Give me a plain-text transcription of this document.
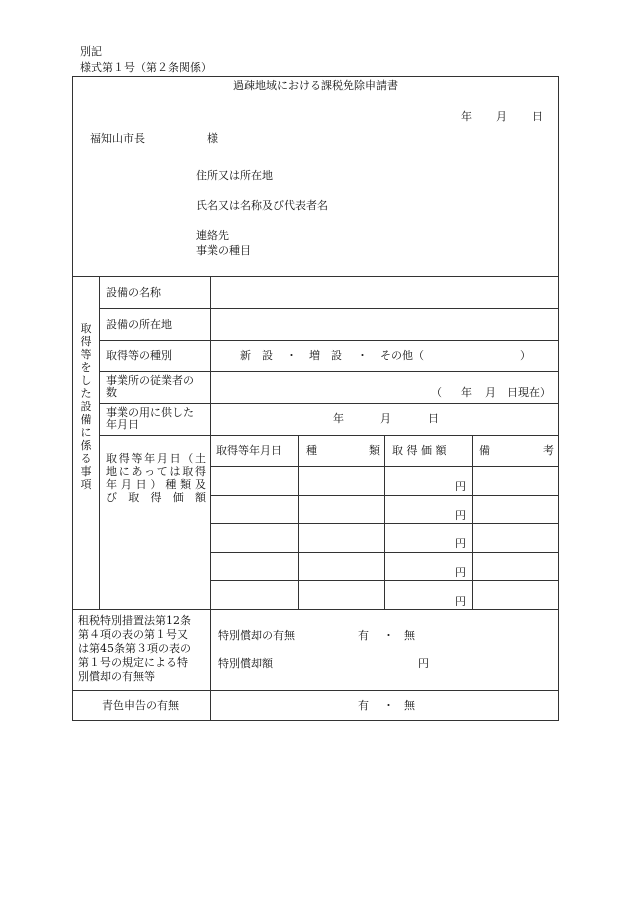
別記
様式第１号（第２条関係）
過疎地域における課税免除申請書
年 月 日
福知山市長	様
住所又は所在地
氏名又は名称及び代表者名
連絡先
事業の種目
取得等をした設備に係る事項
設備の名称
設備の所在地
取得等の種別	新　設 ・ 増　設 ・ その他（	）
事業所の従業者の
数	（ 年 月 日現在）
事業の用に供した
年月日	年	月	日
取得等年月日（土
地にあっては取得
年月日）種類及
び 取 得 価 額
取得等年月日 種	類 取 得 価 額	備	考
円
円
円
円
円
租税特別措置法第12条
第４項の表の第１号又
は第45条第３項の表の
第１号の規定による特
別償却の有無等
特別償却の有無	有 ・ 無
特別償却額	円
青色申告の有無	有 ・ 無
